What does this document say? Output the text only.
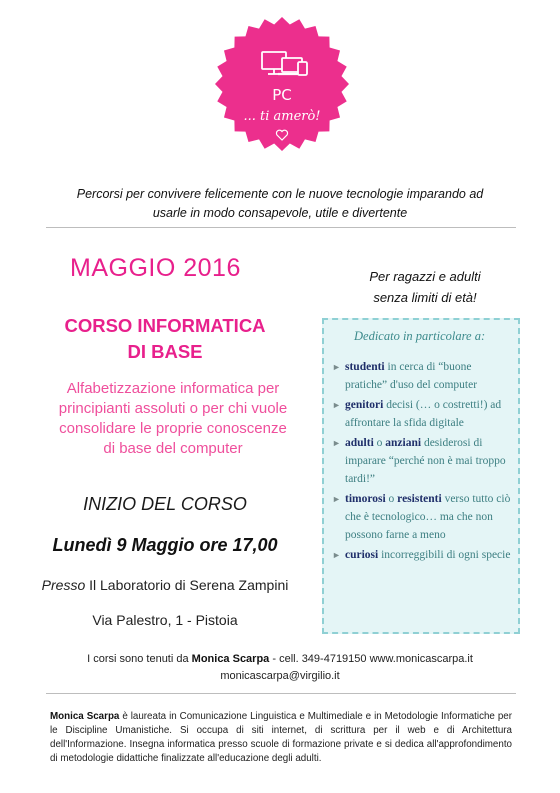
PC
... ti amerò!
Percorsi per convivere felicemente con le nuove tecnologie imparando ad
usarle in modo consapevole, utile e divertente
MAGGIO 2016
CORSO INFORMATICA
DI BASE
Alfabetizzazione informatica per
principianti assoluti o per chi vuole
consolidare le proprie conoscenze
di base del computer
INIZIO DEL CORSO
Lunedì 9 Maggio ore 17,00
Presso Il Laboratorio di Serena Zampini
Via Palestro, 1 - Pistoia
Per ragazzi e adulti
senza limiti di età!
Dedicato in particolare a:
► studenti in cerca di “buone pratiche” d'uso del computer
► genitori decisi (… o costretti!) ad affrontare la sfida digitale
► adulti o anziani desiderosi di imparare “perché non è mai troppo tardi!”
► timorosi o resistenti verso tutto ciò che è tecnologico… ma che non possono farne a meno
► curiosi incorreggibili di ogni specie
I corsi sono tenuti da Monica Scarpa - cell. 349-4719150 www.monicascarpa.it
monicascarpa@virgilio.it
Monica Scarpa è laureata in Comunicazione Linguistica e Multimediale e in Metodologie Informatiche per le Discipline Umanistiche. Si occupa di siti internet, di scrittura per il web e di Architettura dell'Informazione. Insegna informatica presso scuole di formazione private e si dedica all'approfondimento di metodologie didattiche finalizzate all'educazione degli adulti.
